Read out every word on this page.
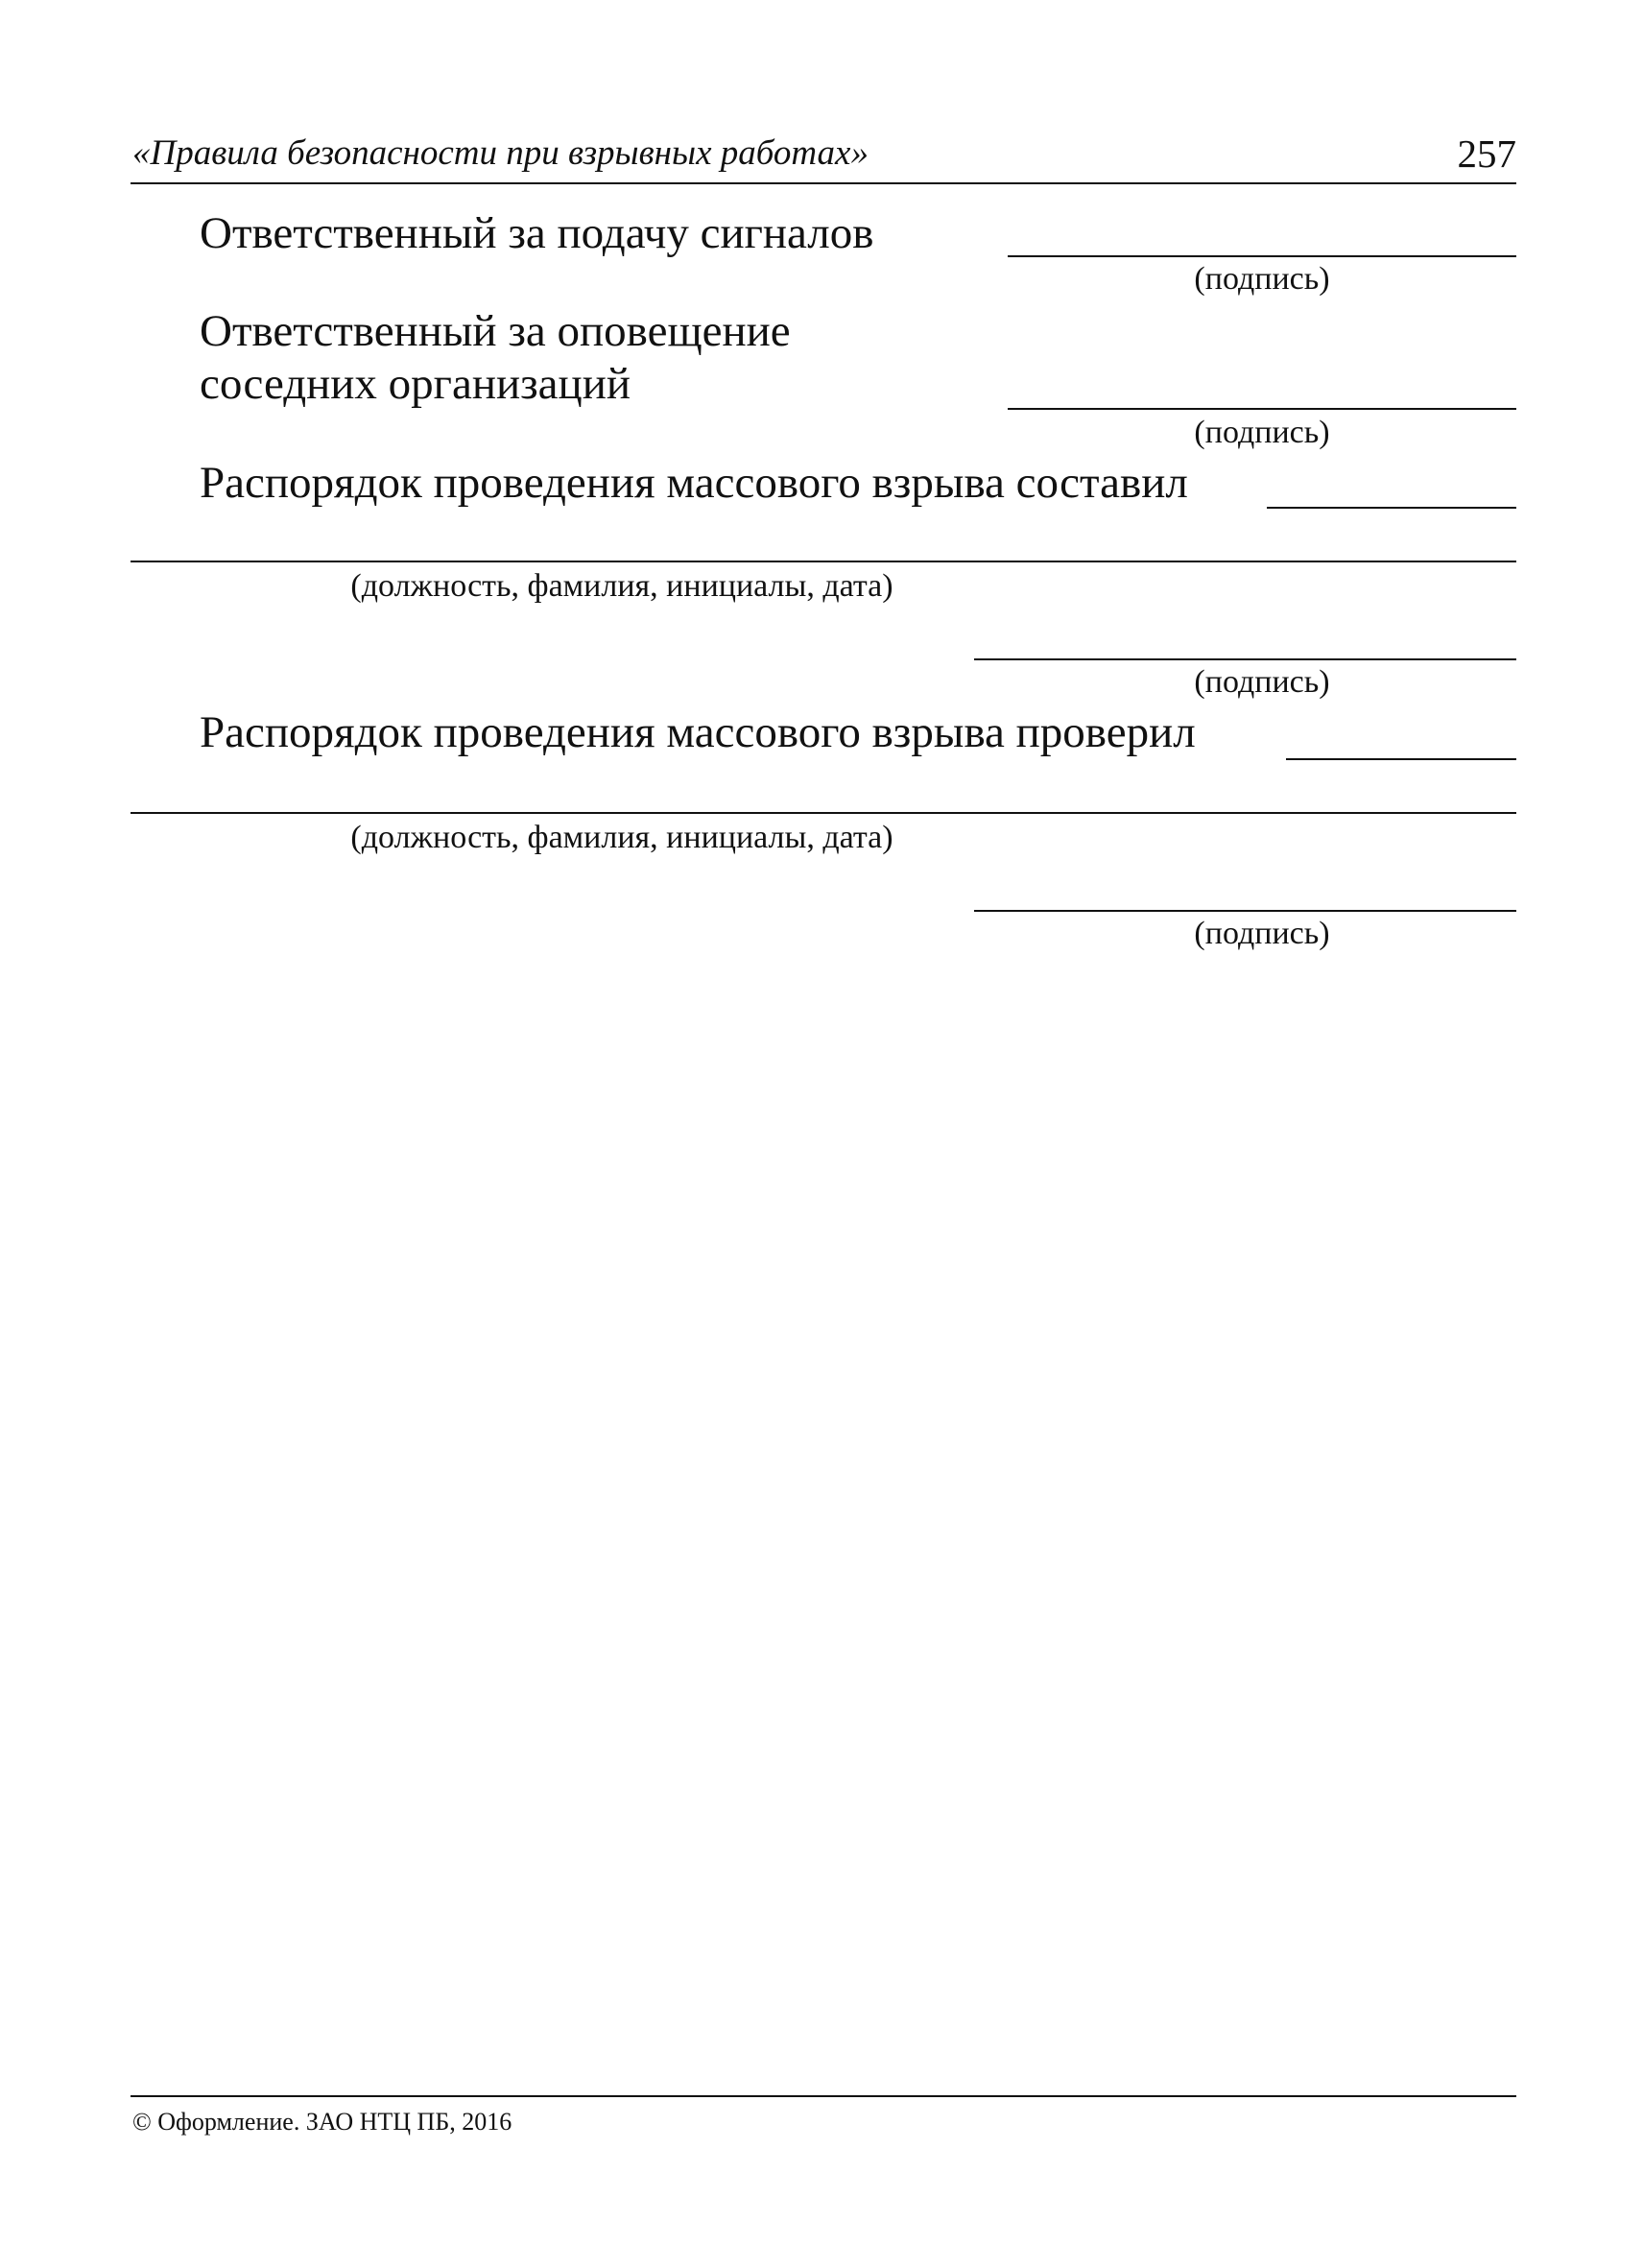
«Правила безопасности при взрывных работах»	257
Ответственный за подачу сигналов
(подпись)
Ответственный за оповещение
соседних организаций
(подпись)
Распорядок проведения массового взрыва составил
(должность, фамилия, инициалы, дата)
(подпись)
Распорядок проведения массового взрыва проверил
(должность, фамилия, инициалы, дата)
(подпись)
© Оформление. ЗАО НТЦ ПБ, 2016
